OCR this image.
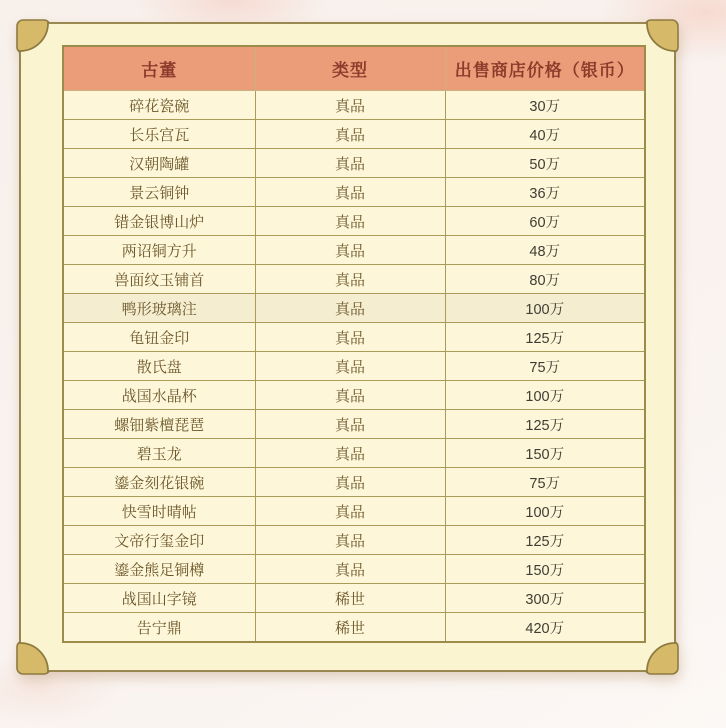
古董	类型	出售商店价格（银币）
碎花瓷碗	真品	30万
长乐宫瓦	真品	40万
汉朝陶罐	真品	50万
景云铜钟	真品	36万
错金银博山炉	真品	60万
两诏铜方升	真品	48万
兽面纹玉铺首	真品	80万
鸭形玻璃注	真品	100万
龟钮金印	真品	125万
散氏盘	真品	75万
战国水晶杯	真品	100万
螺钿紫檀琵琶	真品	125万
碧玉龙	真品	150万
鎏金刻花银碗	真品	75万
快雪时晴帖	真品	100万
文帝行玺金印	真品	125万
鎏金熊足铜樽	真品	150万
战国山字镜	稀世	300万
告宁鼎	稀世	420万
